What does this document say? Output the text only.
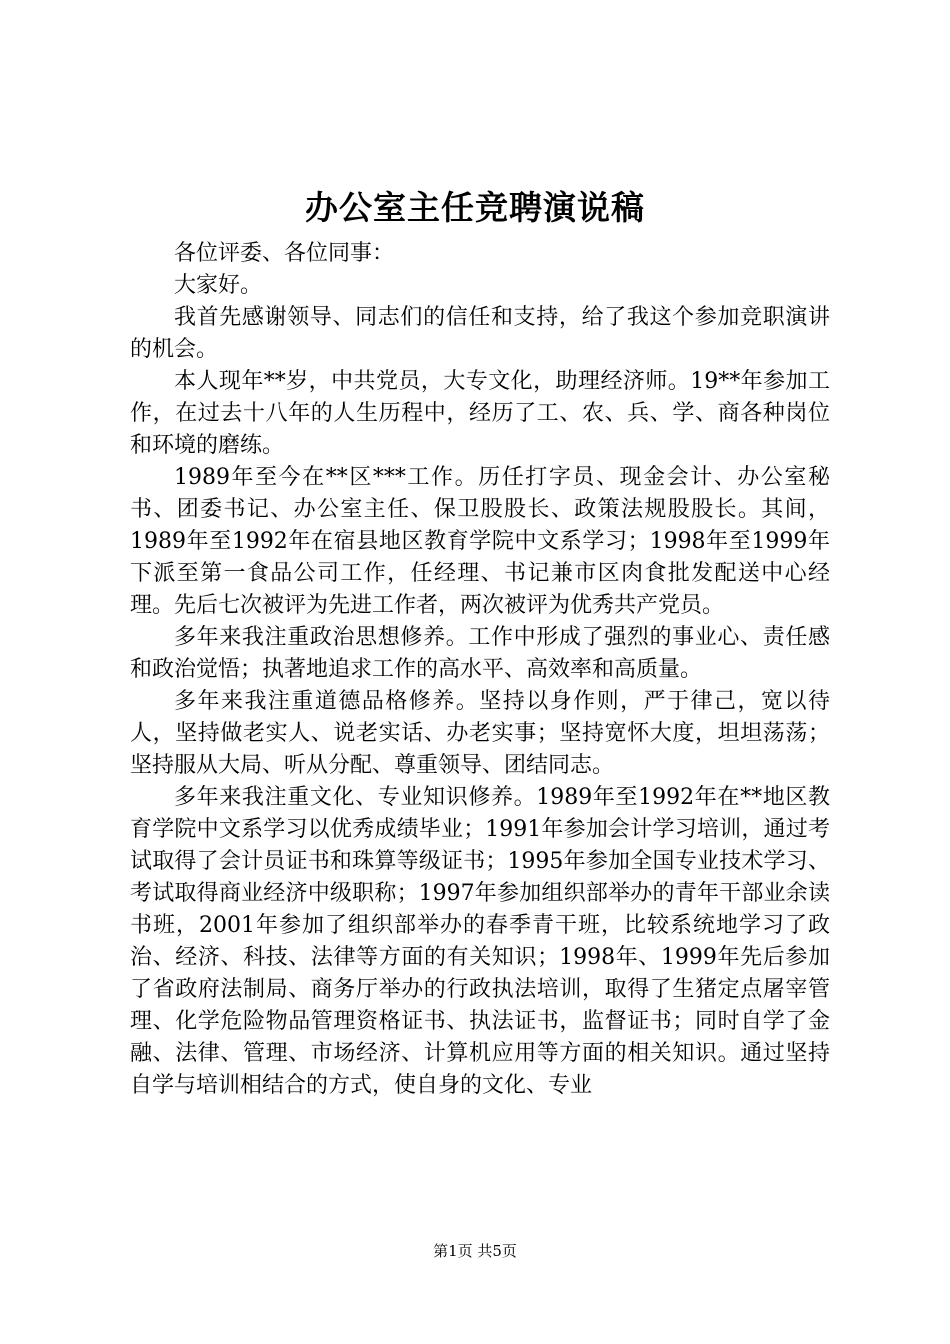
办公室主任竞聘演说稿

各位评委、各位同事：

大家好。

我首先感谢领导、同志们的信任和支持，给了我这个参加竞职演讲的机会。

本人现年**岁，中共党员，大专文化，助理经济师。19**年参加工作，在过去十八年的人生历程中，经历了工、农、兵、学、商各种岗位和环境的磨练。

1989年至今在**区***工作。历任打字员、现金会计、办公室秘书、团委书记、办公室主任、保卫股股长、政策法规股股长。其间，1989年至1992年在宿县地区教育学院中文系学习；1998年至1999年下派至第一食品公司工作，任经理、书记兼市区肉食批发配送中心经理。先后七次被评为先进工作者，两次被评为优秀共产党员。

多年来我注重政治思想修养。工作中形成了强烈的事业心、责任感和政治觉悟；执著地追求工作的高水平、高效率和高质量。

多年来我注重道德品格修养。坚持以身作则，严于律己，宽以待人，坚持做老实人、说老实话、办老实事；坚持宽怀大度，坦坦荡荡；坚持服从大局、听从分配、尊重领导、团结同志。

多年来我注重文化、专业知识修养。1989年至1992年在**地区教育学院中文系学习以优秀成绩毕业；1991年参加会计学习培训，通过考试取得了会计员证书和珠算等级证书；1995年参加全国专业技术学习、考试取得商业经济中级职称；1997年参加组织部举办的青年干部业余读书班，2001年参加了组织部举办的春季青干班，比较系统地学习了政治、经济、科技、法律等方面的有关知识；1998年、1999年先后参加了省政府法制局、商务厅举办的行政执法培训，取得了生猪定点屠宰管理、化学危险物品管理资格证书、执法证书，监督证书；同时自学了金融、法律、管理、市场经济、计算机应用等方面的相关知识。通过坚持自学与培训相结合的方式，使自身的文化、专业

第1页 共5页
